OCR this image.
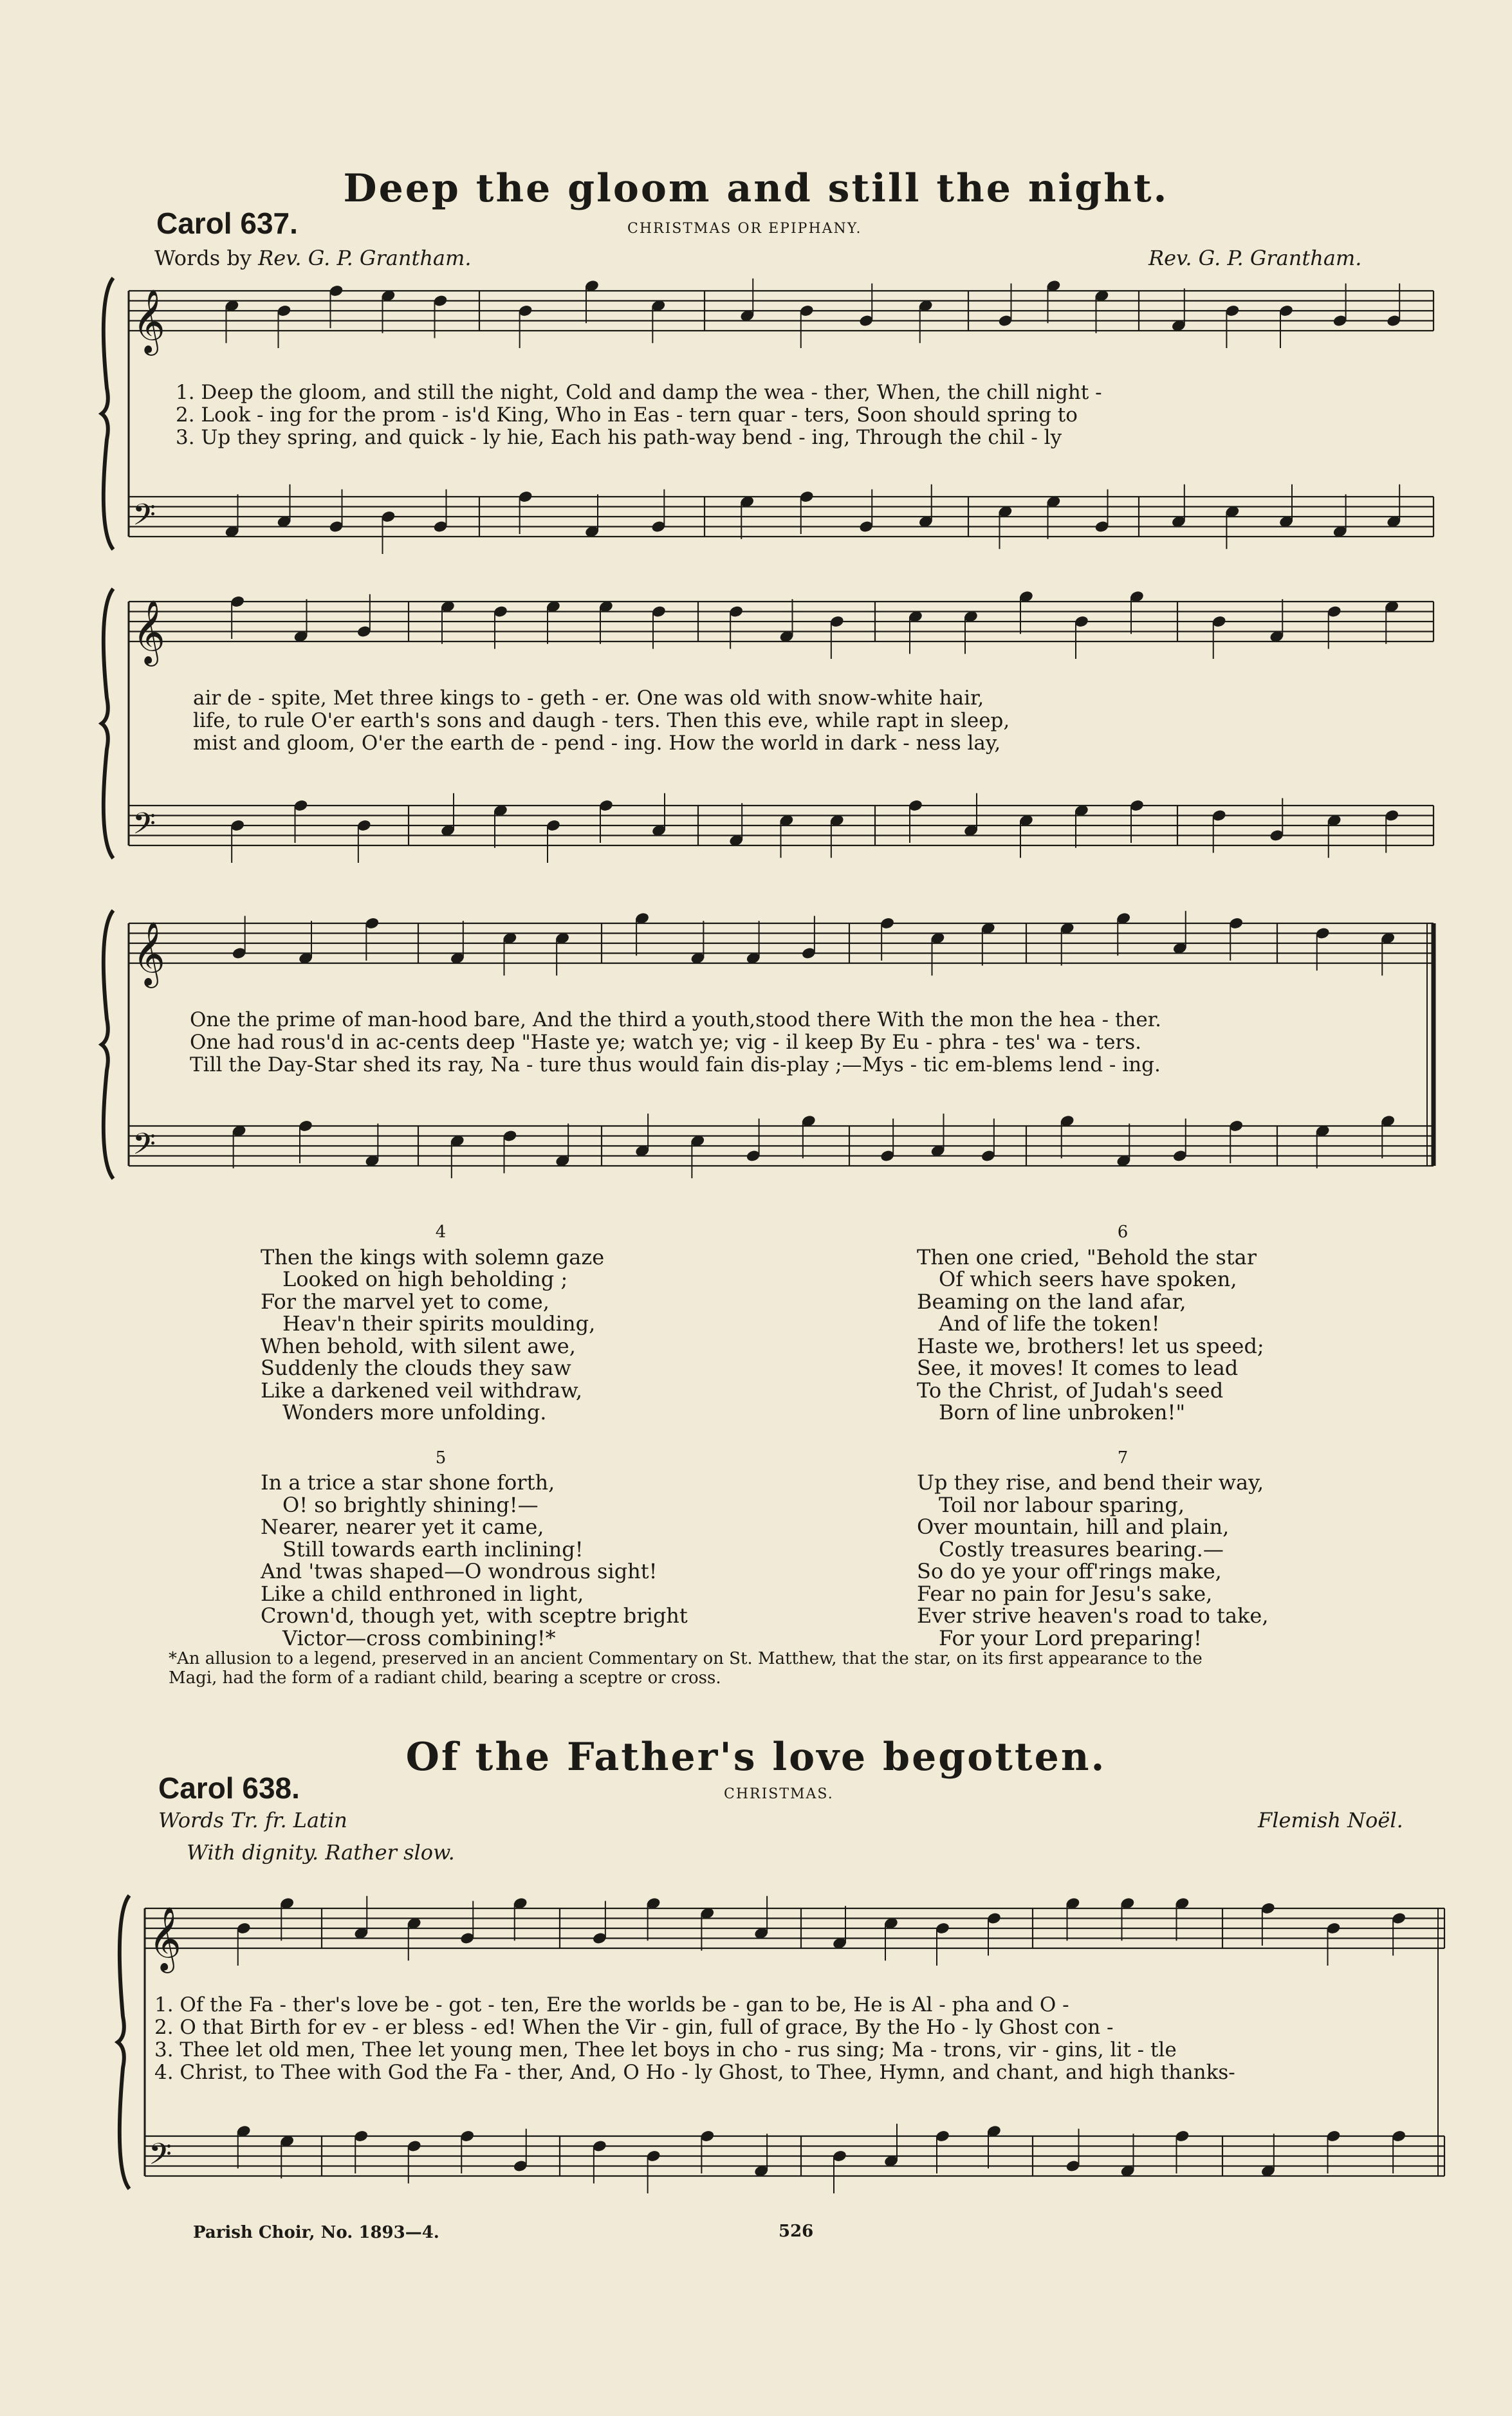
Deep the gloom and still the night.
Carol 637.	CHRISTMAS OR EPIPHANY.
Words by Rev. G. P. Grantham.	Rev. G. P. Grantham.
𝄞
𝄢
𝄞
𝄢
𝄞
𝄢
𝄞
𝄢
1. Deep the gloom, and still the night, Cold and damp the wea - ther, When, the chill night -
2. Look - ing for the prom - is'd King, Who in Eas - tern quar - ters, Soon should spring to
3. Up they spring, and quick - ly hie, Each his path-way bend - ing, Through the chil - ly
air de - spite, Met three kings to - geth - er. One was old with snow-white hair,
life, to rule O'er earth's sons and daugh - ters. Then this eve, while rapt in sleep,
mist and gloom, O'er the earth de - pend - ing. How the world in dark - ness lay,
One the prime of man-hood bare, And the third a youth,stood there With the mon the hea - ther.
One had rous'd in ac-cents deep "Haste ye; watch ye; vig - il keep By Eu - phra - tes' wa - ters.
Till the Day-Star shed its ray, Na - ture thus would fain dis-play ;—Mys - tic em-blems lend - ing.
4
Then the kings with solemn gaze
Looked on high beholding ;
For the marvel yet to come,
Heav'n their spirits moulding,
When behold, with silent awe,
Suddenly the clouds they saw
Like a darkened veil withdraw,
Wonders more unfolding.
5
In a trice a star shone forth,
O! so brightly shining!—
Nearer, nearer yet it came,
Still towards earth inclining!
And 'twas shaped—O wondrous sight!
Like a child enthroned in light,
Crown'd, though yet, with sceptre bright
Victor—cross combining!*
6
Then one cried, "Behold the star
Of which seers have spoken,
Beaming on the land afar,
And of life the token!
Haste we, brothers! let us speed;
See, it moves! It comes to lead
To the Christ, of Judah's seed
Born of line unbroken!"
7
Up they rise, and bend their way,
Toil nor labour sparing,
Over mountain, hill and plain,
Costly treasures bearing.—
So do ye your off'rings make,
Fear no pain for Jesu's sake,
Ever strive heaven's road to take,
For your Lord preparing!
*An allusion to a legend, preserved in an ancient Commentary on St. Matthew, that the star, on its first appearance to the
Magi, had the form of a radiant child, bearing a sceptre or cross.
Of the Father's love begotten.
Carol 638.	CHRISTMAS.
Words Tr. fr. Latin	Flemish Noël.
With dignity. Rather slow.
1. Of the Fa - ther's love be - got - ten, Ere the worlds be - gan to be, He is Al - pha and O -
2. O that Birth for ev - er bless - ed! When the Vir - gin, full of grace, By the Ho - ly Ghost con -
3. Thee let old men, Thee let young men, Thee let boys in cho - rus sing; Ma - trons, vir - gins, lit - tle
4. Christ, to Thee with God the Fa - ther, And, O Ho - ly Ghost, to Thee, Hymn, and chant, and high thanks-
Parish Choir, No. 1893—4.	526
